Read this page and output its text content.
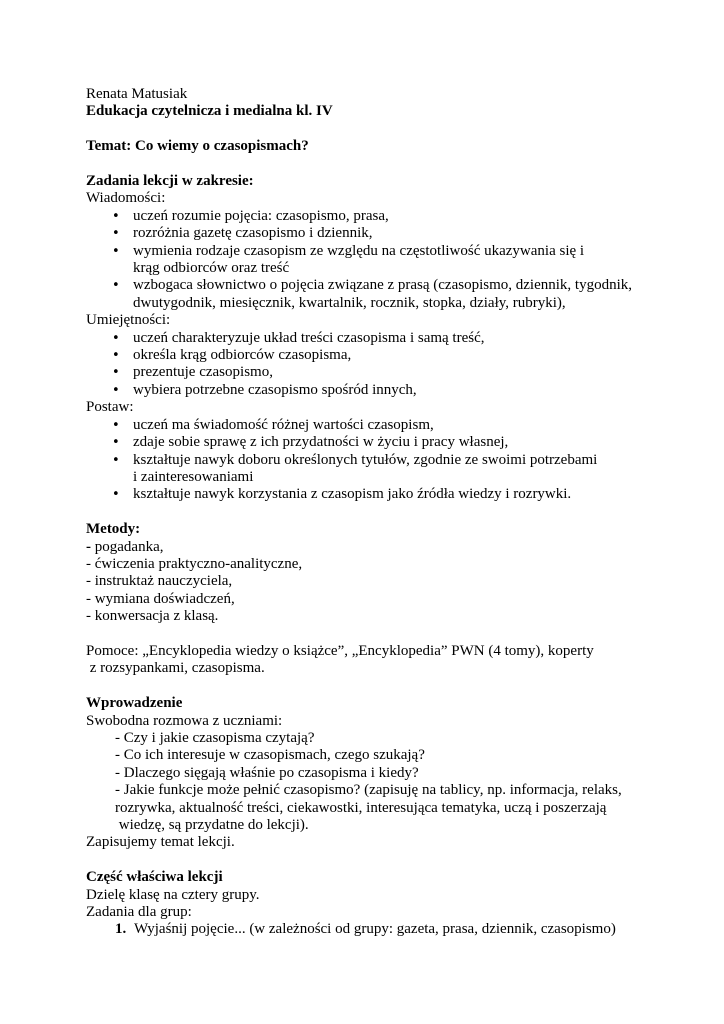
Renata Matusiak
Edukacja czytelnicza i medialna kl. IV
Temat: Co wiemy o czasopismach?
Zadania lekcji w zakresie:
Wiadomości:
• uczeń rozumie pojęcia: czasopismo, prasa,
• rozróżnia gazetę czasopismo i dziennik,
• wymienia rodzaje czasopism ze względu na częstotliwość ukazywania się i krąg odbiorców oraz treść
• wzbogaca słownictwo o pojęcia związane z prasą (czasopismo, dziennik, tygodnik, dwutygodnik, miesięcznik, kwartalnik, rocznik, stopka, działy, rubryki),
Umiejętności:
• uczeń charakteryzuje układ treści czasopisma i samą treść,
• określa krąg odbiorców czasopisma,
• prezentuje czasopismo,
• wybiera potrzebne czasopismo spośród innych,
Postaw:
• uczeń ma świadomość różnej wartości czasopism,
• zdaje sobie sprawę z ich przydatności w życiu i pracy własnej,
• kształtuje nawyk doboru określonych tytułów, zgodnie ze swoimi potrzebami i zainteresowaniami
• kształtuje nawyk korzystania z czasopism jako źródła wiedzy i rozrywki.
Metody:
- pogadanka,
- ćwiczenia praktyczno-analityczne,
- instruktaż nauczyciela,
- wymiana doświadczeń,
- konwersacja z klasą.
Pomoce: „Encyklopedia wiedzy o książce”, „Encyklopedia” PWN (4 tomy), koperty
z rozsypankami, czasopisma.
Wprowadzenie
Swobodna rozmowa z uczniami:
- Czy i jakie czasopisma czytają?
- Co ich interesuje w czasopismach, czego szukają?
- Dlaczego sięgają właśnie po czasopisma i kiedy?
- Jakie funkcje może pełnić czasopismo? (zapisuję na tablicy, np. informacja, relaks,
rozrywka, aktualność treści, ciekawostki, interesująca tematyka, uczą i poszerzają
wiedzę, są przydatne do lekcji).
Zapisujemy temat lekcji.
Część właściwa lekcji
Dzielę klasę na cztery grupy.
Zadania dla grup:
1. Wyjaśnij pojęcie... (w zależności od grupy: gazeta, prasa, dziennik, czasopismo)
